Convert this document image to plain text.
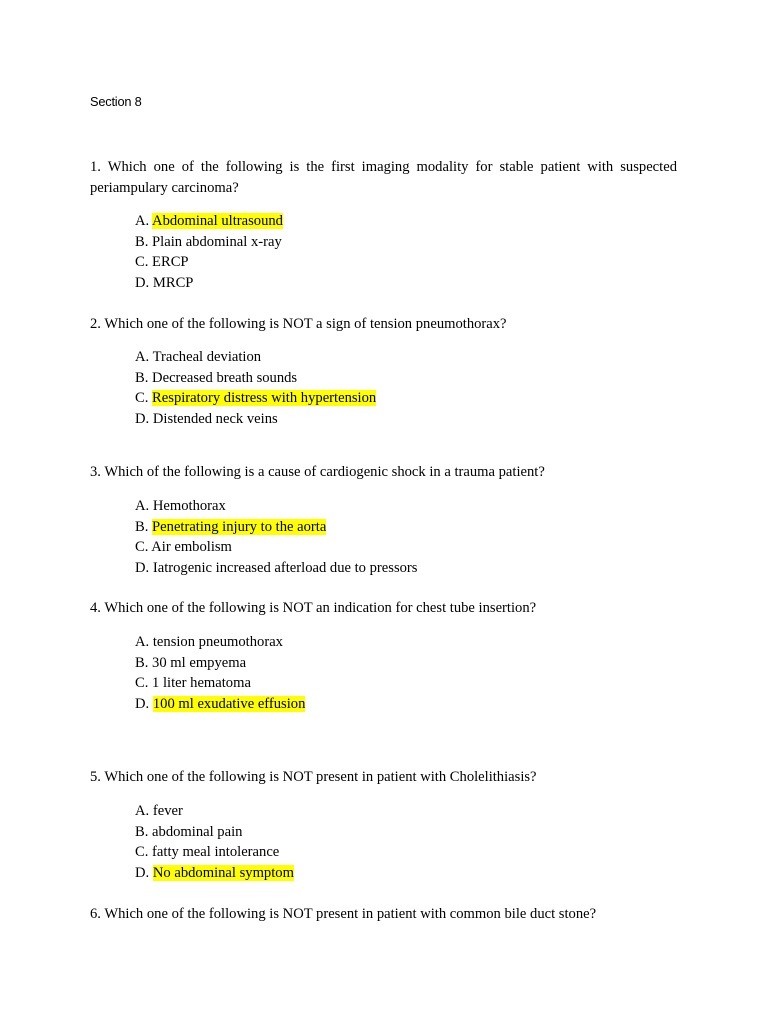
Section 8

1. Which one of the following is the first imaging modality for stable patient with suspected periampulary carcinoma?

A. Abdominal ultrasound
B. Plain abdominal x-ray
C. ERCP
D. MRCP

2. Which one of the following is NOT a sign of tension pneumothorax?

A. Tracheal deviation
B. Decreased breath sounds
C. Respiratory distress with hypertension
D. Distended neck veins

3. Which of the following is a cause of cardiogenic shock in a trauma patient?

A. Hemothorax
B. Penetrating injury to the aorta
C. Air embolism
D. Iatrogenic increased afterload due to pressors

4. Which one of the following is NOT an indication for chest tube insertion?

A. tension pneumothorax
B. 30 ml empyema
C. 1 liter hematoma
D. 100 ml exudative effusion

5. Which one of the following is NOT present in patient with Cholelithiasis?

A. fever
B. abdominal pain
C. fatty meal intolerance
D. No abdominal symptom

6. Which one of the following is NOT present in patient with common bile duct stone?
